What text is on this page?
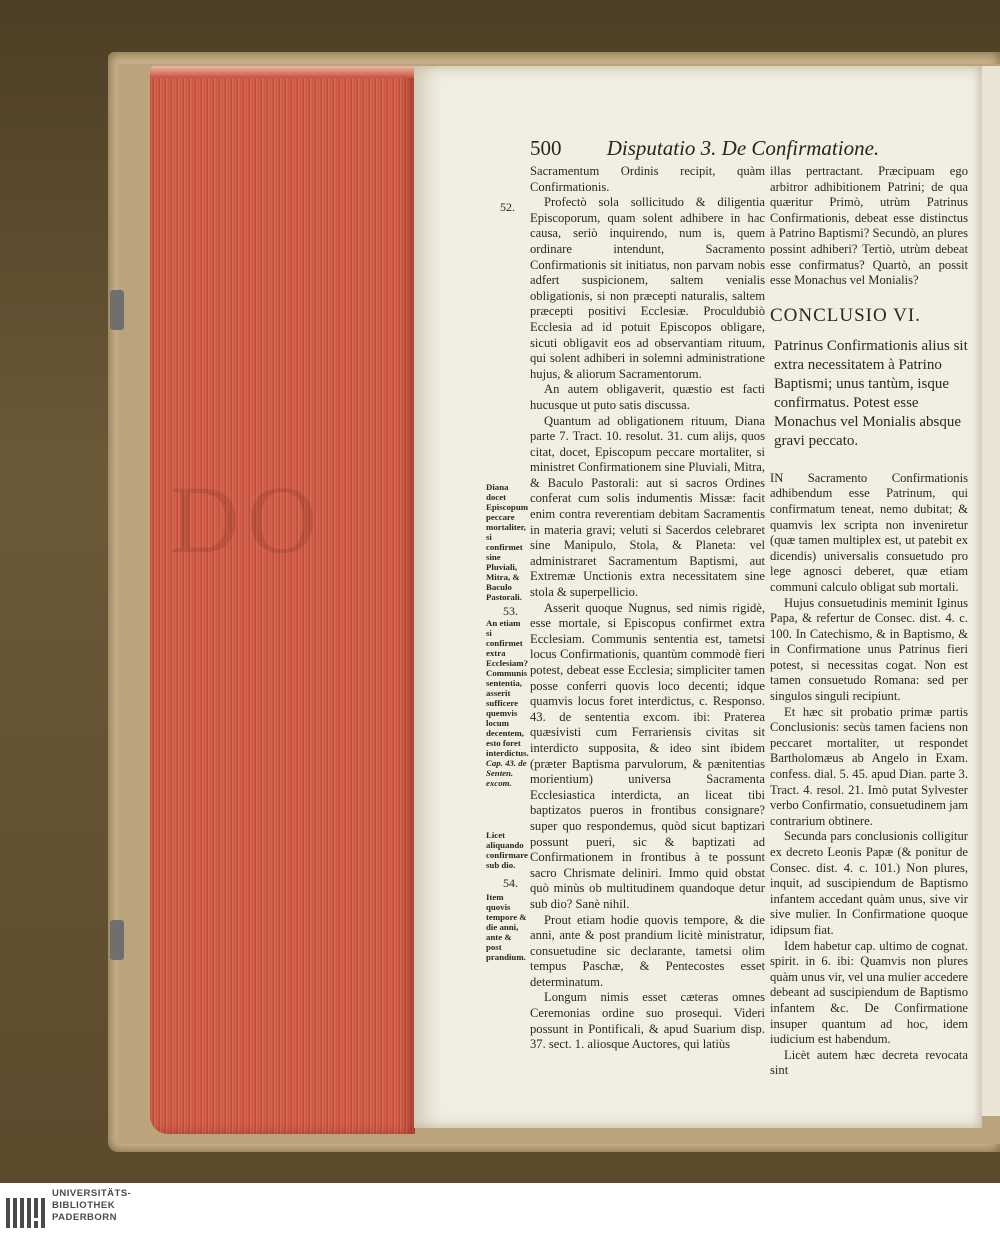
DO
500 Disputatio 3. De Confirmatione.

Sacramentum Ordinis recipit, quàm Confirmationis.

Profectò sola sollicitudo & diligentia Episcoporum, quam solent adhibere in hac causa, seriò inquirendo, num is, quem ordinare intendunt, Sacramento Confirmationis sit initiatus, non parvam nobis adfert suspicionem, saltem venialis obligationis, si non præcepti naturalis, saltem præcepti positivi Ecclesiæ. Proculdubiò Ecclesia ad id potuit Episcopos obligare, sicuti obligavit eos ad observantiam rituum, qui solent adhiberi in solemni administratione hujus, & aliorum Sacramentorum.

An autem obligaverit, quæstio est facti hucusque ut puto satis discussa.

Quantum ad obligationem rituum, Diana parte 7. Tract. 10. resolut. 31. cum alijs, quos citat, docet, Episcopum peccare mortaliter, si ministret Confirmationem sine Pluviali, Mitra, & Baculo Pastorali: aut si sacros Ordines conferat cum solis indumentis Missæ: facit enim contra reverentiam debitam Sacramentis in materia gravi; veluti si Sacerdos celebraret sine Manipulo, Stola, & Planeta: vel administraret Sacramentum Baptismi, aut Extremæ Unctionis extra necessitatem sine stola & superpellicio.

Asserit quoque Nugnus, sed nimis rigidè, esse mortale, si Episcopus confirmet extra Ecclesiam. Communis sententia est, tametsi locus Confirmationis, quantùm commodè fieri potest, debeat esse Ecclesia; simpliciter tamen posse conferri quovis loco decenti; idque quamvis locus foret interdictus, c. Responso. 43. de sententia excom. ibi: Praterea quæsivisti cum Ferrariensis civitas sit interdicto supposita, & ideo sint ibidem (præter Baptisma parvulorum, & pænitentias morientium) universa Sacramenta Ecclesiastica interdicta, an liceat tibi baptizatos pueros in frontibus consignare? super quo respondemus, quòd sicut baptizari possunt pueri, sic & baptizati ad Confirmationem in frontibus à te possunt sacro Chrismate deliniri. Immo quid obstat quò minùs ob multitudinem quandoque detur sub dio? Sanè nihil.

Prout etiam hodie quovis tempore, & die anni, ante & post prandium licitè ministratur, consuetudine sic declarante, tametsi olim tempus Paschæ, & Pentecostes esset determinatum.

Longum nimis esset cæteras omnes Ceremonias ordine suo prosequi. Videri possunt in Pontificali, & apud Suarium disp. 37. sect. 1. aliosque Auctores, qui latiùs

illas pertractant. Præcipuam ego arbitror adhibitionem Patrini; de qua quæritur Primò, utrùm Patrinus Confirmationis, debeat esse distinctus à Patrino Baptismi? Secundò, an plures possint adhiberi? Tertiò, utrùm debeat esse confirmatus? Quartò, an possit esse Monachus vel Monialis?

CONCLUSIO VI.

Patrinus Confirmationis alius sit extra necessitatem à Patrino Baptismi; unus tantùm, isque confirmatus. Potest esse Monachus vel Monialis absque gravi peccato.

IN Sacramento Confirmationis adhibendum esse Patrinum, qui confirmatum teneat, nemo dubitat; & quamvis lex scripta non inveniretur (quæ tamen multiplex est, ut patebit ex dicendis) universalis consuetudo pro lege agnosci deberet, quæ etiam communi calculo obligat sub mortali.

Hujus consuetudinis meminit Iginus Papa, & refertur de Consec. dist. 4. c. 100. In Catechismo, & in Baptismo, & in Confirmatione unus Patrinus fieri potest, si necessitas cogat. Non est tamen consuetudo Romana: sed per singulos singuli recipiunt.

Et hæc sit probatio primæ partis Conclusionis: secùs tamen faciens non peccaret mortaliter, ut respondet Bartholomæus ab Angelo in Exam. confess. dial. 5. 45. apud Dian. parte 3. Tract. 4. resol. 21. Imò putat Sylvester verbo Confirmatio, consuetudinem jam contrarium obtinere.

Secunda pars conclusionis colligitur ex decreto Leonis Papæ (& ponitur de Consec. dist. 4. c. 101.) Non plures, inquit, ad suscipiendum de Baptismo infantem accedant quàm unus, sive vir sive mulier. In Confirmatione quoque idipsum fiat.

Idem habetur cap. ultimo de cognat. spirit. in 6. ibi: Quamvis non plures quàm unus vir, vel una mulier accedere debeant ad suscipiendum de Baptismo infantem &c. De Confirmatione insuper quantum ad hoc, idem iudicium est habendum.

Licèt autem hæc decreta revocata sint

52.
Diana docet Episcopum peccare mortaliter, si confirmet sine Pluviali, Mitra, & Baculo Pastorali.
53.
An etiam si confirmet extra Ecclesiam?
Communis sententia, asserit sufficere quemvis locum decentem, esto foret interdictus.
Cap. 43. de Senten. excom.
Licet aliquando confirmare sub dio.
54.
Item quovis tempore & die anni, ante & post prandium.
UNIVERSITÄTS-
BIBLIOTHEK
PADERBORN
